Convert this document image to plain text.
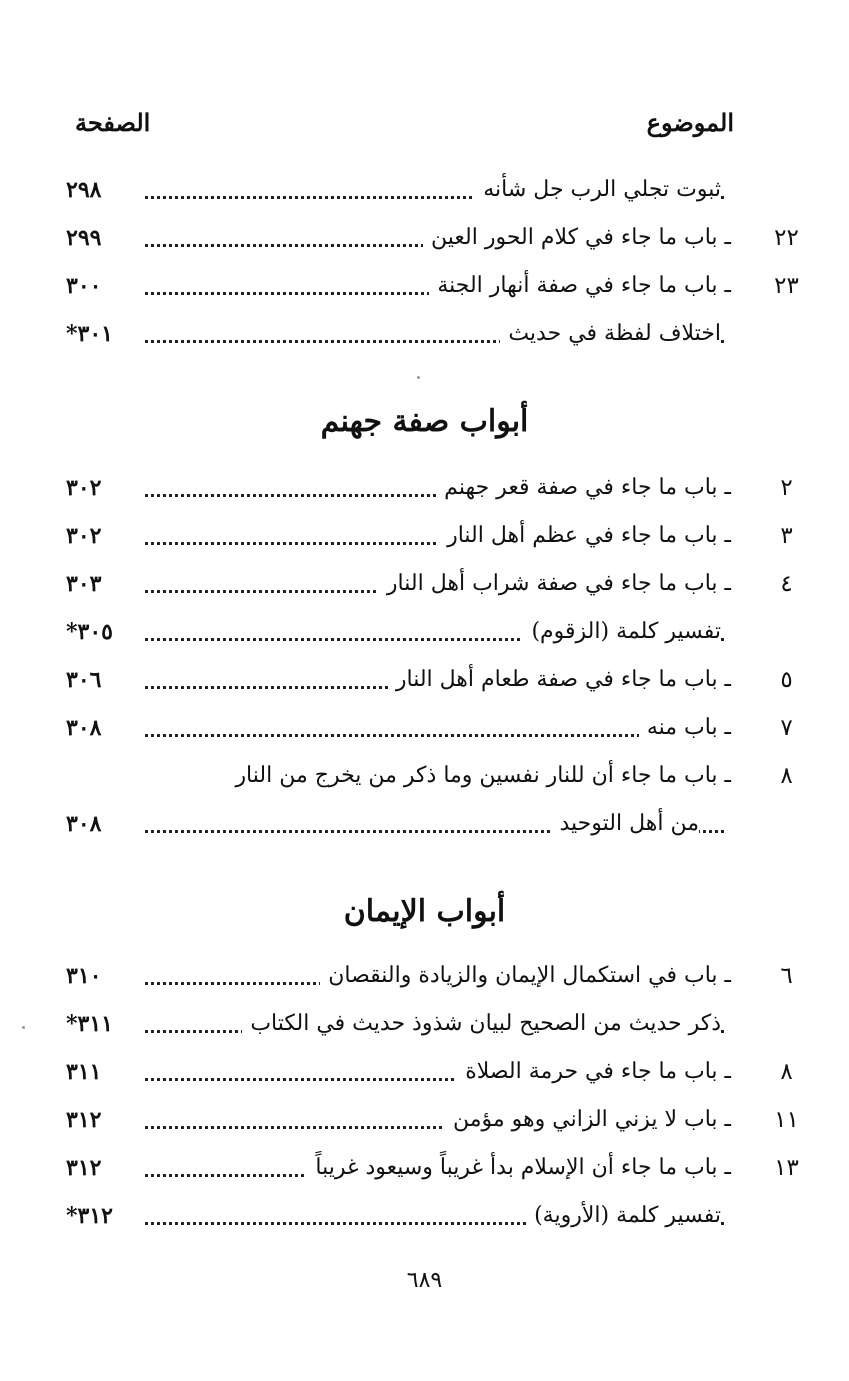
الموضوع
الصفحة
ثبوت تجلي الرب جل شأنه
٢٩٨
٢٢
ـ باب ما جاء في كلام الحور العين
٢٩٩
٢٣
ـ باب ما جاء في صفة أنهار الجنة
٣٠٠
اختلاف لفظة في حديث
٣٠١*
أبواب صفة جهنم
٢
ـ باب ما جاء في صفة قعر جهنم
٣٠٢
٣
ـ باب ما جاء في عظم أهل النار
٣٠٢
٤
ـ باب ما جاء في صفة شراب أهل النار
٣٠٣
تفسير كلمة (الزقوم)
٣٠٥*
٥
ـ باب ما جاء في صفة طعام أهل النار
٣٠٦
٧
ـ باب منه
٣٠٨
٨
ـ باب ما جاء أن للنار نفسين وما ذكر من يخرج من النار
من أهل التوحيد
٣٠٨
أبواب الإيمان
٦
ـ باب في استكمال الإيمان والزيادة والنقصان
٣١٠
ذكر حديث من الصحيح لبيان شذوذ حديث في الكتاب
٣١١*
٨
ـ باب ما جاء في حرمة الصلاة
٣١١
١١
ـ باب لا يزني الزاني وهو مؤمن
٣١٢
١٣
ـ باب ما جاء أن الإسلام بدأ غريباً وسيعود غريباً
٣١٢
تفسير كلمة (الأروية)
٣١٢*
٦٨٩
